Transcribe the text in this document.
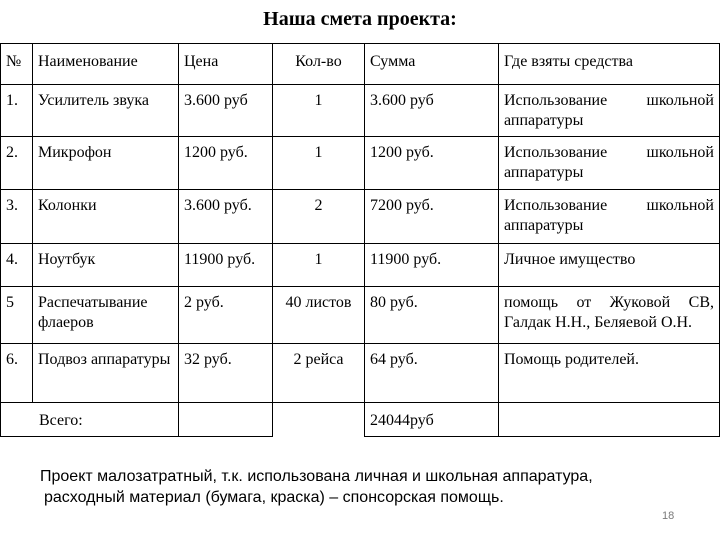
Наша смета проекта:
№	Наименование	Цена	Кол-во	Сумма	Где взяты средства
1.	Усилитель звука	3.600 руб	1	3.600 руб	Использование школьной аппаратуры
2.	Микрофон	1200 руб.	1	1200 руб.	Использование школьной аппаратуры
3.	Колонки	3.600 руб.	2	7200 руб.	Использование школьной аппаратуры
4.	Ноутбук	11900 руб.	1	11900 руб.	Личное имущество
5	Распечатывание флаеров	2 руб.	40 листов	80 руб.	помощь от Жуковой СВ, Галдак Н.Н., Беляевой О.Н.
6.	Подвоз аппаратуры	32 руб.	2 рейса	64 руб.	Помощь родителей.
Всего:				24044руб	
Проект малозатратный, т.к. использована личная и школьная аппаратура,
расходный материал (бумага, краска) – спонсорская помощь.
18
